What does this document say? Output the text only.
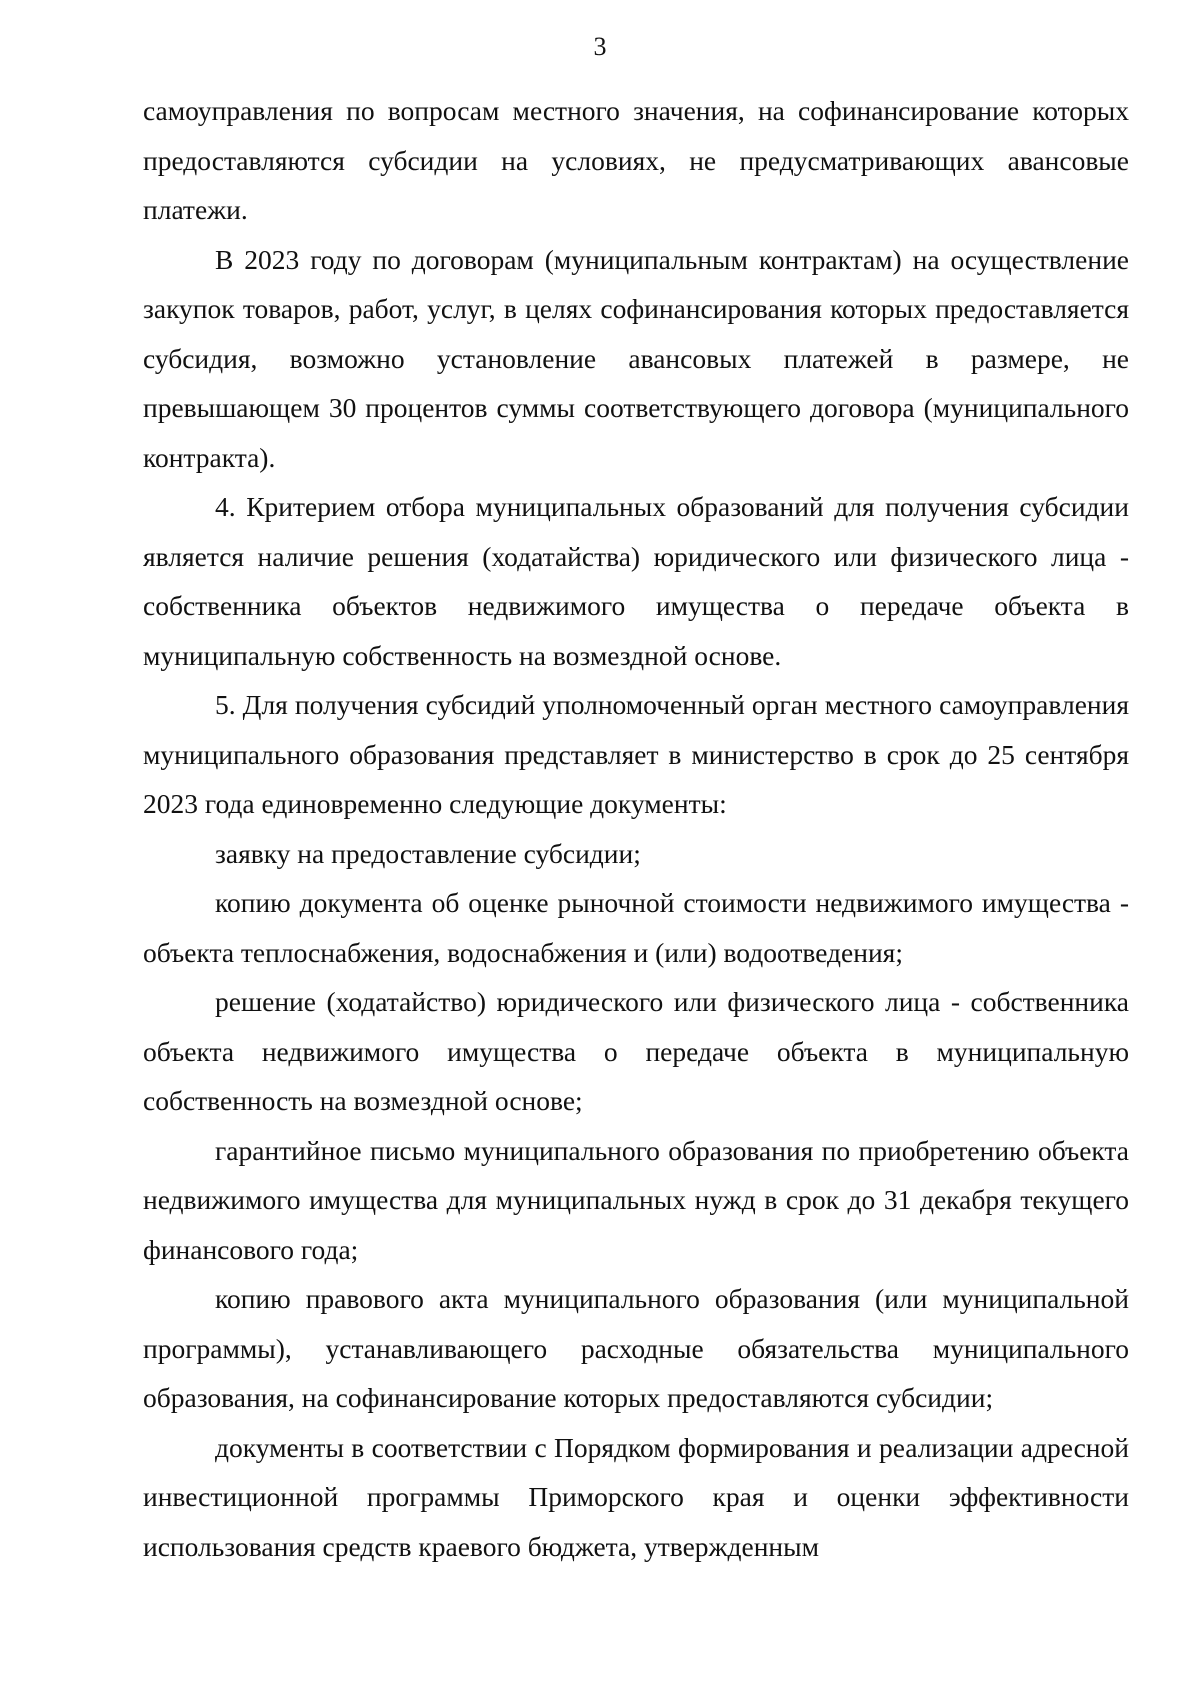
3

самоуправления по вопросам местного значения, на софинансирование которых предоставляются субсидии на условиях, не предусматривающих авансовые платежи.

В 2023 году по договорам (муниципальным контрактам) на осуществление закупок товаров, работ, услуг, в целях софинансирования которых предоставляется субсидия, возможно установление авансовых платежей в размере, не превышающем 30 процентов суммы соответствующего договора (муниципального контракта).

4. Критерием отбора муниципальных образований для получения субсидии является наличие решения (ходатайства) юридического или физического лица - собственника объектов недвижимого имущества о передаче объекта в муниципальную собственность на возмездной основе.

5. Для получения субсидий уполномоченный орган местного самоуправления муниципального образования представляет в министерство в срок до 25 сентября 2023 года единовременно следующие документы:

заявку на предоставление субсидии;

копию документа об оценке рыночной стоимости недвижимого имущества - объекта теплоснабжения, водоснабжения и (или) водоотведения;

решение (ходатайство) юридического или физического лица - собственника объекта недвижимого имущества о передаче объекта в муниципальную собственность на возмездной основе;

гарантийное письмо муниципального образования по приобретению объекта недвижимого имущества для муниципальных нужд в срок до 31 декабря текущего финансового года;

копию правового акта муниципального образования (или муниципальной программы), устанавливающего расходные обязательства муниципального образования, на софинансирование которых предоставляются субсидии;

документы в соответствии с Порядком формирования и реализации адресной инвестиционной программы Приморского края и оценки эффективности использования средств краевого бюджета, утвержденным
